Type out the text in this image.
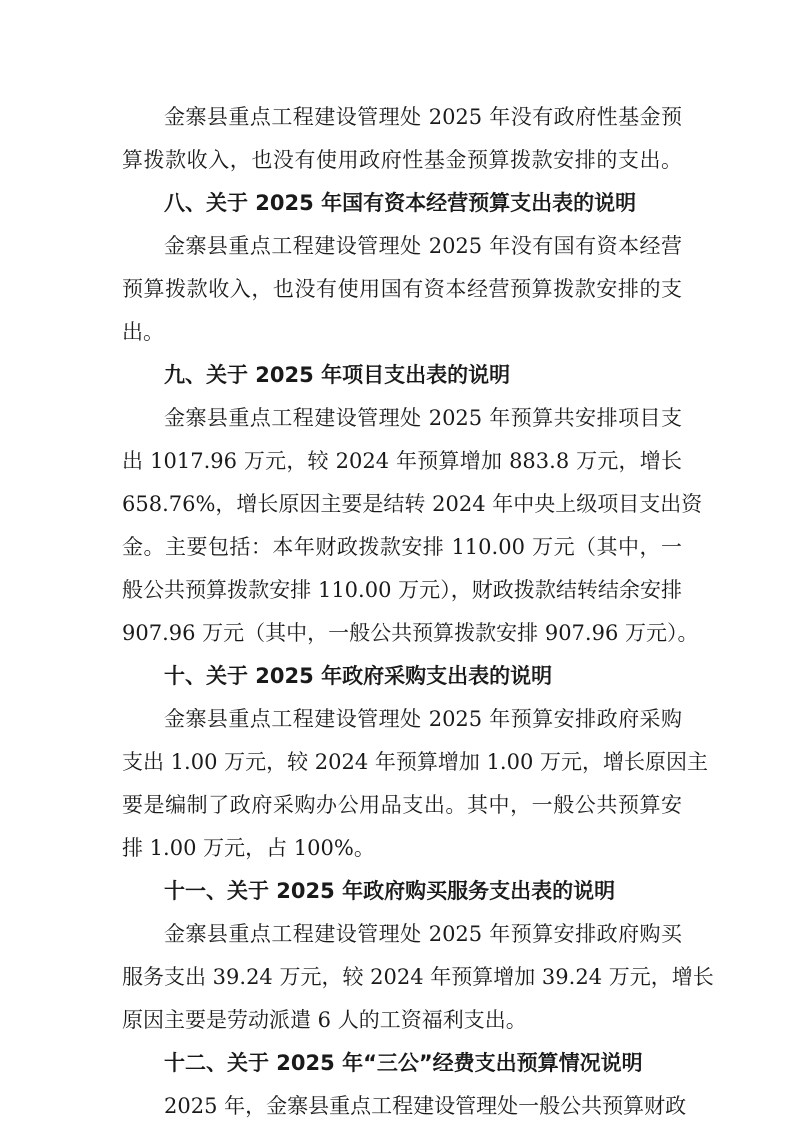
金寨县重点工程建设管理处 2025 年没有政府性基金预
算拨款收入，也没有使用政府性基金预算拨款安排的支出。
八、关于 2025 年国有资本经营预算支出表的说明
金寨县重点工程建设管理处 2025 年没有国有资本经营
预算拨款收入，也没有使用国有资本经营预算拨款安排的支
出。
九、关于 2025 年项目支出表的说明
金寨县重点工程建设管理处 2025 年预算共安排项目支
出 1017.96 万元，较 2024 年预算增加 883.8 万元，增长
658.76%，增长原因主要是结转 2024 年中央上级项目支出资
金。主要包括：本年财政拨款安排 110.00 万元（其中，一
般公共预算拨款安排 110.00 万元），财政拨款结转结余安排
907.96 万元（其中，一般公共预算拨款安排 907.96 万元）。
十、关于 2025 年政府采购支出表的说明
金寨县重点工程建设管理处 2025 年预算安排政府采购
支出 1.00 万元，较 2024 年预算增加 1.00 万元，增长原因主
要是编制了政府采购办公用品支出。其中，一般公共预算安
排 1.00 万元，占 100%。
十一、关于 2025 年政府购买服务支出表的说明
金寨县重点工程建设管理处 2025 年预算安排政府购买
服务支出 39.24 万元，较 2024 年预算增加 39.24 万元，增长
原因主要是劳动派遣 6 人的工资福利支出。
十二、关于 2025 年“三公”经费支出预算情况说明
2025 年，金寨县重点工程建设管理处一般公共预算财政
